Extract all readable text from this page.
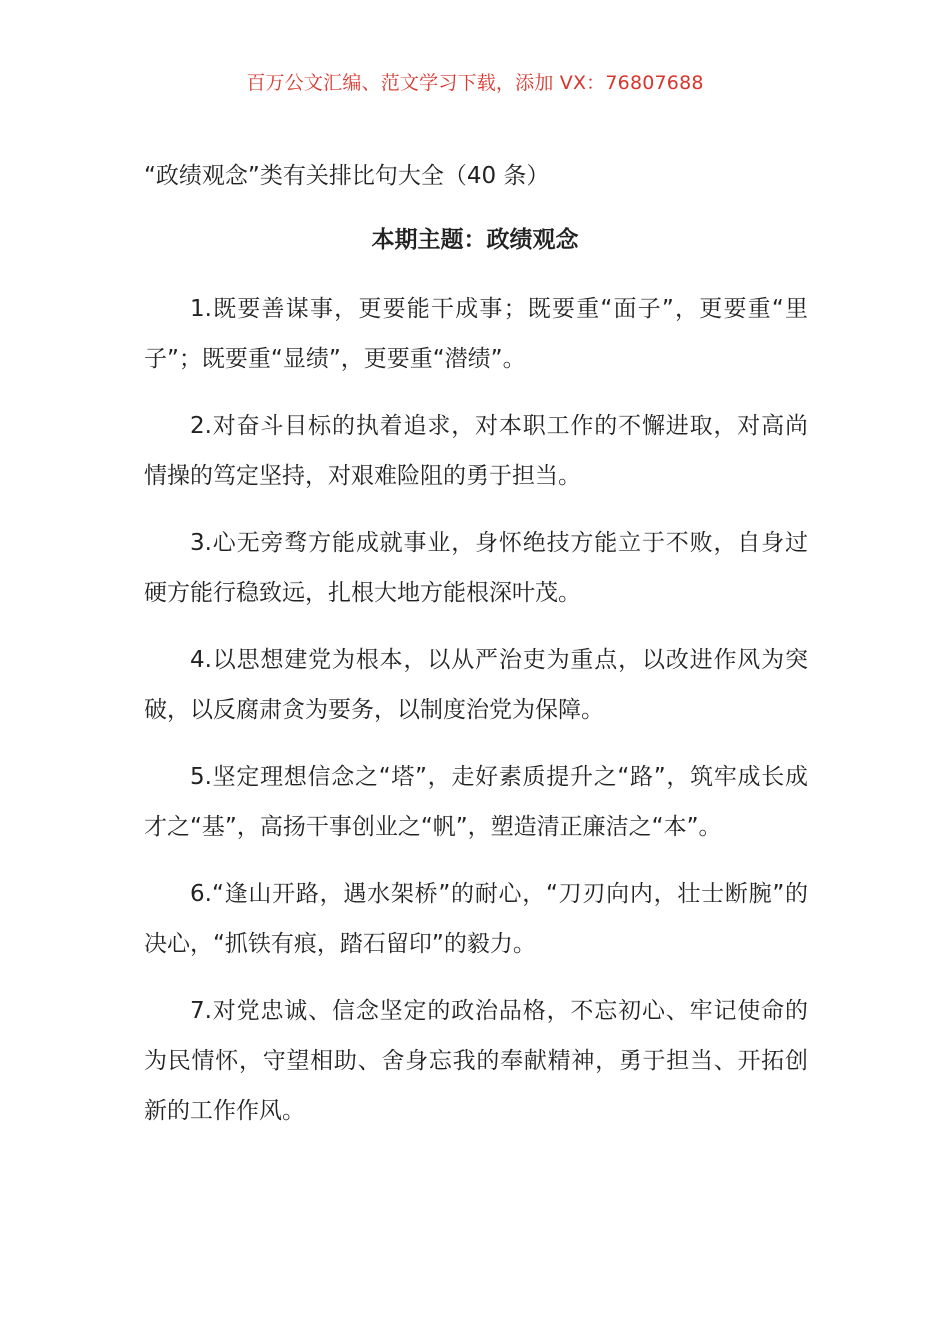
百万公文汇编、范文学习下载，添加 VX：76807688
“政绩观念”类有关排比句大全（40 条）
本期主题：政绩观念

1.既要善谋事，更要能干成事；既要重“面子”，更要重“里子”；既要重“显绩”，更要重“潜绩”。

2.对奋斗目标的执着追求，对本职工作的不懈进取，对高尚情操的笃定坚持，对艰难险阻的勇于担当。

3.心无旁骛方能成就事业，身怀绝技方能立于不败，自身过硬方能行稳致远，扎根大地方能根深叶茂。

4.以思想建党为根本，以从严治吏为重点，以改进作风为突破，以反腐肃贪为要务，以制度治党为保障。

5.坚定理想信念之“塔”，走好素质提升之“路”，筑牢成长成才之“基”，高扬干事创业之“帆”，塑造清正廉洁之“本”。

6.“逢山开路，遇水架桥”的耐心，“刀刃向内，壮士断腕”的决心，“抓铁有痕，踏石留印”的毅力。

7.对党忠诚、信念坚定的政治品格，不忘初心、牢记使命的为民情怀，守望相助、舍身忘我的奉献精神，勇于担当、开拓创新的工作作风。
